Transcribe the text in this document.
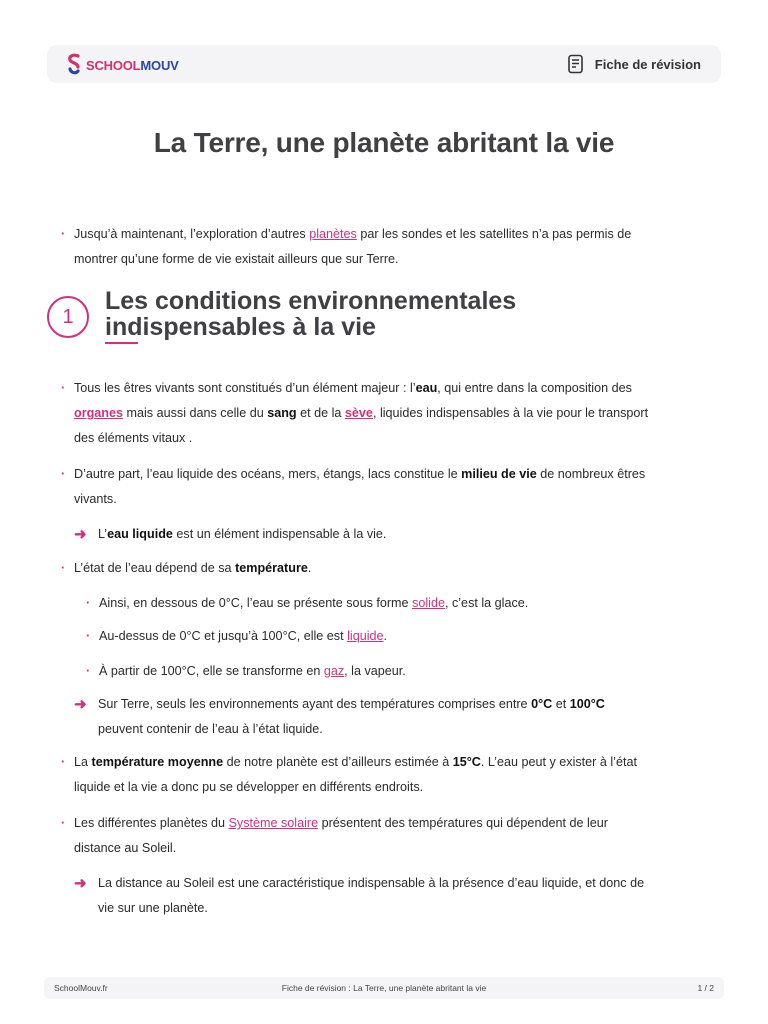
SCHOOLMOUV	Fiche de révision
La Terre, une planète abritant la vie
· Jusqu’à maintenant, l’exploration d’autres planètes par les sondes et les satellites n’a pas permis de montrer qu’une forme de vie existait ailleurs que sur Terre.
1
Les conditions environnementales indispensables à la vie
· Tous les êtres vivants sont constitués d’un élément majeur : l’eau, qui entre dans la composition des organes mais aussi dans celle du sang et de la sève, liquides indispensables à la vie pour le transport des éléments vitaux .
· D’autre part, l’eau liquide des océans, mers, étangs, lacs constitue le milieu de vie de nombreux êtres vivants.
➜ L’eau liquide est un élément indispensable à la vie.
· L’état de l’eau dépend de sa température.
· Ainsi, en dessous de 0°C, l’eau se présente sous forme solide, c’est la glace.
· Au-dessus de 0°C et jusqu’à 100°C, elle est liquide.
· À partir de 100°C, elle se transforme en gaz, la vapeur.
➜ Sur Terre, seuls les environnements ayant des températures comprises entre 0°C et 100°C peuvent contenir de l’eau à l’état liquide.
· La température moyenne de notre planète est d’ailleurs estimée à 15°C. L’eau peut y exister à l’état liquide et la vie a donc pu se développer en différents endroits.
· Les différentes planètes du Système solaire présentent des températures qui dépendent de leur distance au Soleil.
➜ La distance au Soleil est une caractéristique indispensable à la présence d’eau liquide, et donc de vie sur une planète.
SchoolMouv.fr	Fiche de révision : La Terre, une planète abritant la vie	1 / 2
